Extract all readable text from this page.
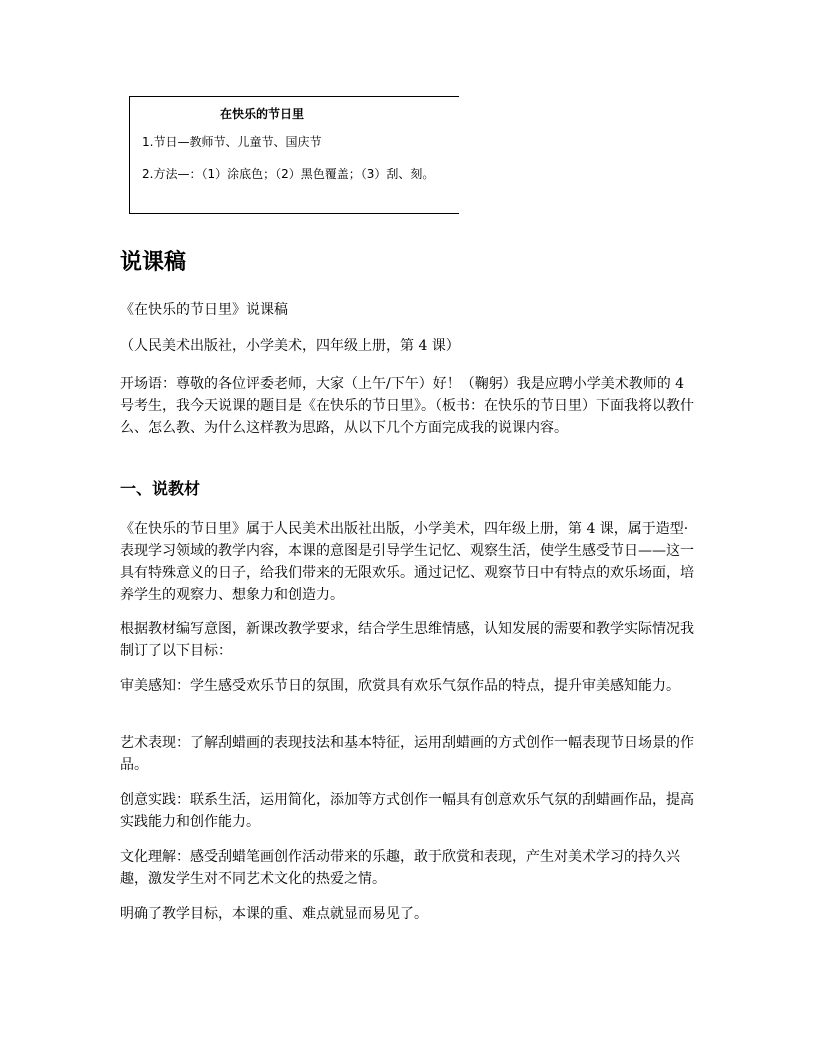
在快乐的节日里
1.节日—教师节、儿童节、国庆节
2.方法—：（1）涂底色；（2）黑色覆盖；（3）刮、刻。
说课稿

《在快乐的节日里》说课稿

（人民美术出版社，小学美术，四年级上册，第 4 课）

开场语：尊敬的各位评委老师，大家（上午/下午）好！（鞠躬）我是应聘小学美术教师的 4 号考生，我今天说课的题目是《在快乐的节日里》。（板书：在快乐的节日里）下面我将以教什么、怎么教、为什么这样教为思路，从以下几个方面完成我的说课内容。

一、说教材

《在快乐的节日里》属于人民美术出版社出版，小学美术，四年级上册，第 4 课，属于造型·表现学习领域的教学内容，本课的意图是引导学生记忆、观察生活，使学生感受节日——这一具有特殊意义的日子，给我们带来的无限欢乐。通过记忆、观察节日中有特点的欢乐场面，培养学生的观察力、想象力和创造力。

根据教材编写意图，新课改教学要求，结合学生思维情感，认知发展的需要和教学实际情况我制订了以下目标：

审美感知：学生感受欢乐节日的氛围，欣赏具有欢乐气氛作品的特点，提升审美感知能力。

艺术表现：了解刮蜡画的表现技法和基本特征，运用刮蜡画的方式创作一幅表现节日场景的作品。

创意实践：联系生活，运用简化，添加等方式创作一幅具有创意欢乐气氛的刮蜡画作品，提高实践能力和创作能力。

文化理解：感受刮蜡笔画创作活动带来的乐趣，敢于欣赏和表现，产生对美术学习的持久兴趣，激发学生对不同艺术文化的热爱之情。

明确了教学目标，本课的重、难点就显而易见了。
